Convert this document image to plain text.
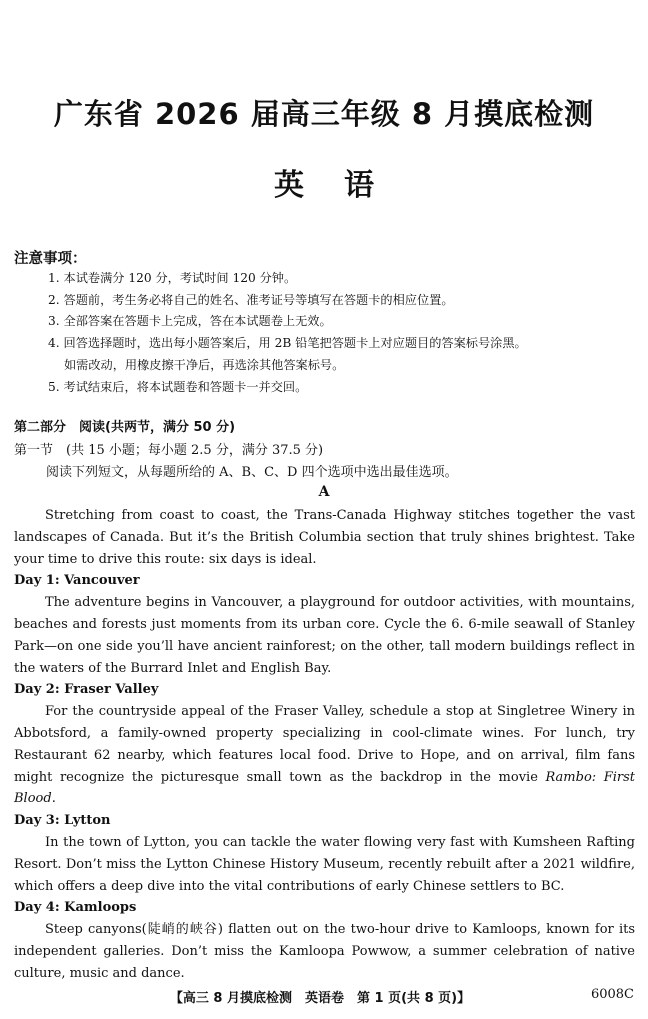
广东省 2026 届高三年级 8 月摸底检测
英语
注意事项：
1. 本试卷满分 120 分，考试时间 120 分钟。
2. 答题前，考生务必将自己的姓名、准考证号等填写在答题卡的相应位置。
3. 全部答案在答题卡上完成，答在本试题卷上无效。
4. 回答选择题时，选出每小题答案后，用 2B 铅笔把答题卡上对应题目的答案标号涂黑。
如需改动，用橡皮擦干净后，再选涂其他答案标号。
5. 考试结束后，将本试题卷和答题卡一并交回。
第二部分　阅读(共两节，满分 50 分)
第一节　(共 15 小题；每小题 2.5 分，满分 37.5 分)
阅读下列短文，从每题所给的 A、B、C、D 四个选项中选出最佳选项。
A

Stretching from coast to coast, the Trans-Canada Highway stitches together the vast landscapes of Canada. But it’s the British Columbia section that truly shines brightest. Take your time to drive this route: six days is ideal.

Day 1: Vancouver

The adventure begins in Vancouver, a playground for outdoor activities, with mountains, beaches and forests just moments from its urban core. Cycle the 6. 6-mile seawall of Stanley Park—on one side you’ll have ancient rainforest; on the other, tall modern buildings reflect in the waters of the Burrard Inlet and English Bay.

Day 2: Fraser Valley

For the countryside appeal of the Fraser Valley, schedule a stop at Singletree Winery in Abbotsford, a family-owned property specializing in cool-climate wines. For lunch, try Restaurant 62 nearby, which features local food. Drive to Hope, and on arrival, film fans might recognize the picturesque small town as the backdrop in the movie Rambo: First Blood.

Day 3: Lytton

In the town of Lytton, you can tackle the water flowing very fast with Kumsheen Rafting Resort. Don’t miss the Lytton Chinese History Museum, recently rebuilt after a 2021 wildfire, which offers a deep dive into the vital contributions of early Chinese settlers to BC.

Day 4: Kamloops

Steep canyons(陡峭的峡谷) flatten out on the two-hour drive to Kamloops, known for its independent galleries. Don’t miss the Kamloopa Powwow, a summer celebration of native culture, music and dance.

【高三 8 月摸底检测　英语卷　第 1 页(共 8 页)】	6008C
